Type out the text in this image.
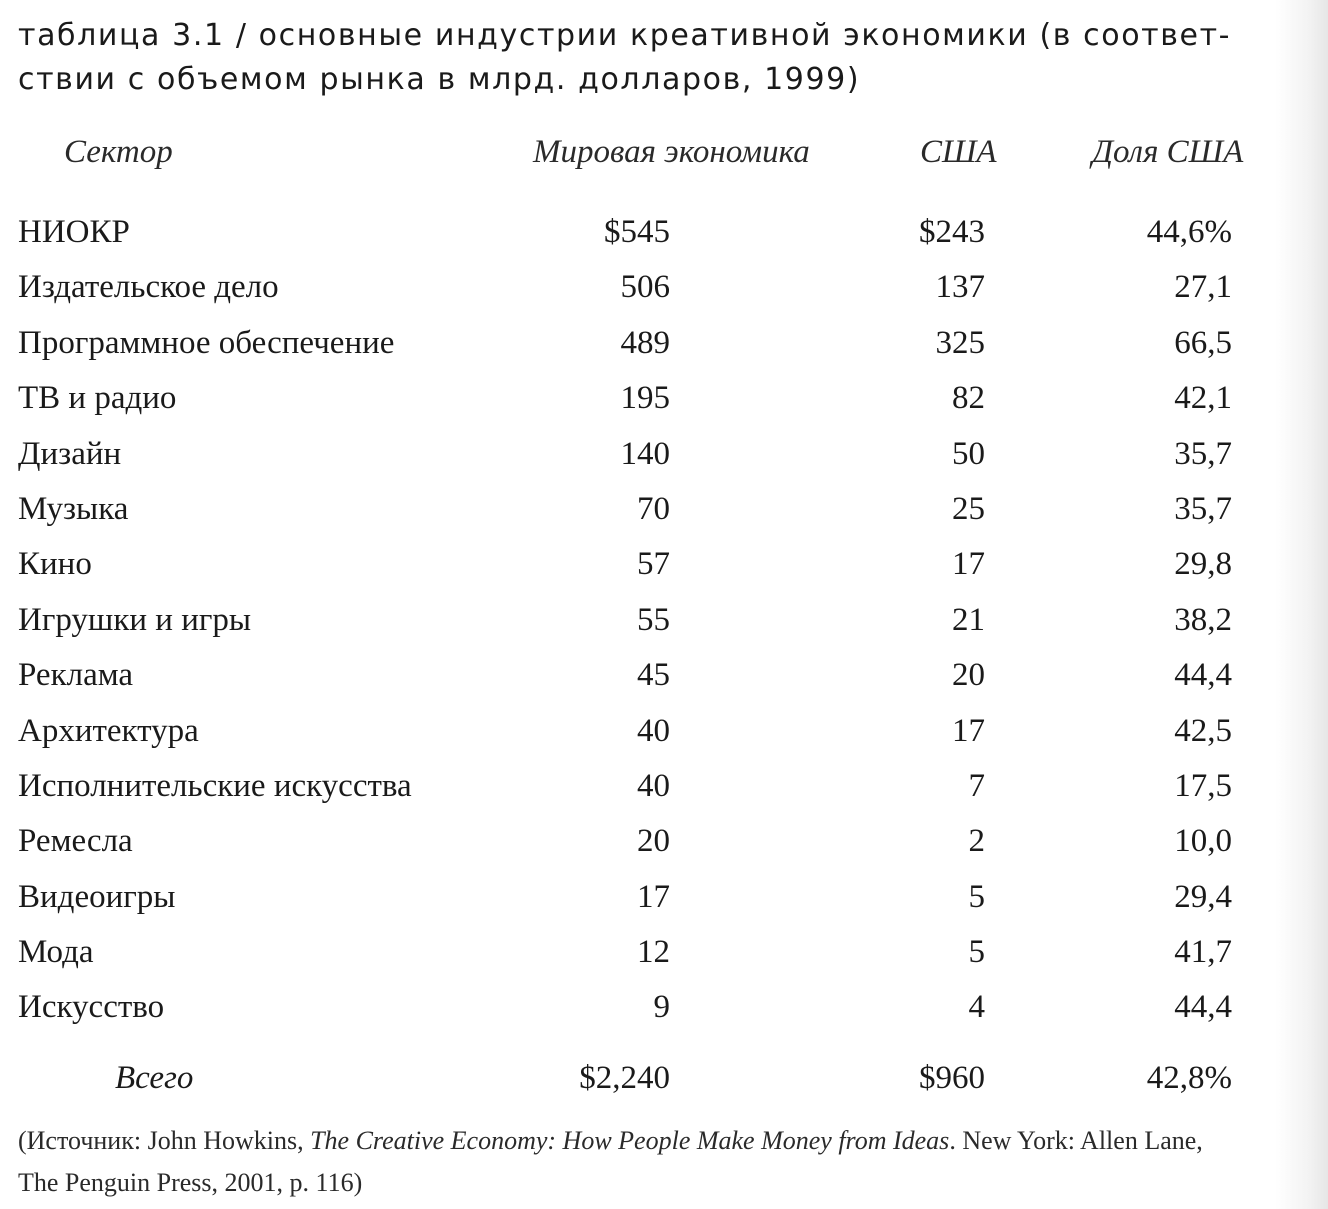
таблица 3.1 / основные индустрии креативной экономики (в соответ-
ствии с объемом рынка в млрд. долларов, 1999)
Сектор	Мировая экономика	США	Доля США
НИОКР	$545	$243	44,6%
Издательское дело	506	137	27,1
Программное обеспечение	489	325	66,5
ТВ и радио	195	82	42,1
Дизайн	140	50	35,7
Музыка	70	25	35,7
Кино	57	17	29,8
Игрушки и игры	55	21	38,2
Реклама	45	20	44,4
Архитектура	40	17	42,5
Исполнительские искусства	40	7	17,5
Ремесла	20	2	10,0
Видеоигры	17	5	29,4
Мода	12	5	41,7
Искусство	9	4	44,4
Всего	$2,240	$960	42,8%

(Источник: John Howkins, The Creative Economy: How People Make Money from Ideas. New York: Allen Lane,
The Penguin Press, 2001, p. 116)
